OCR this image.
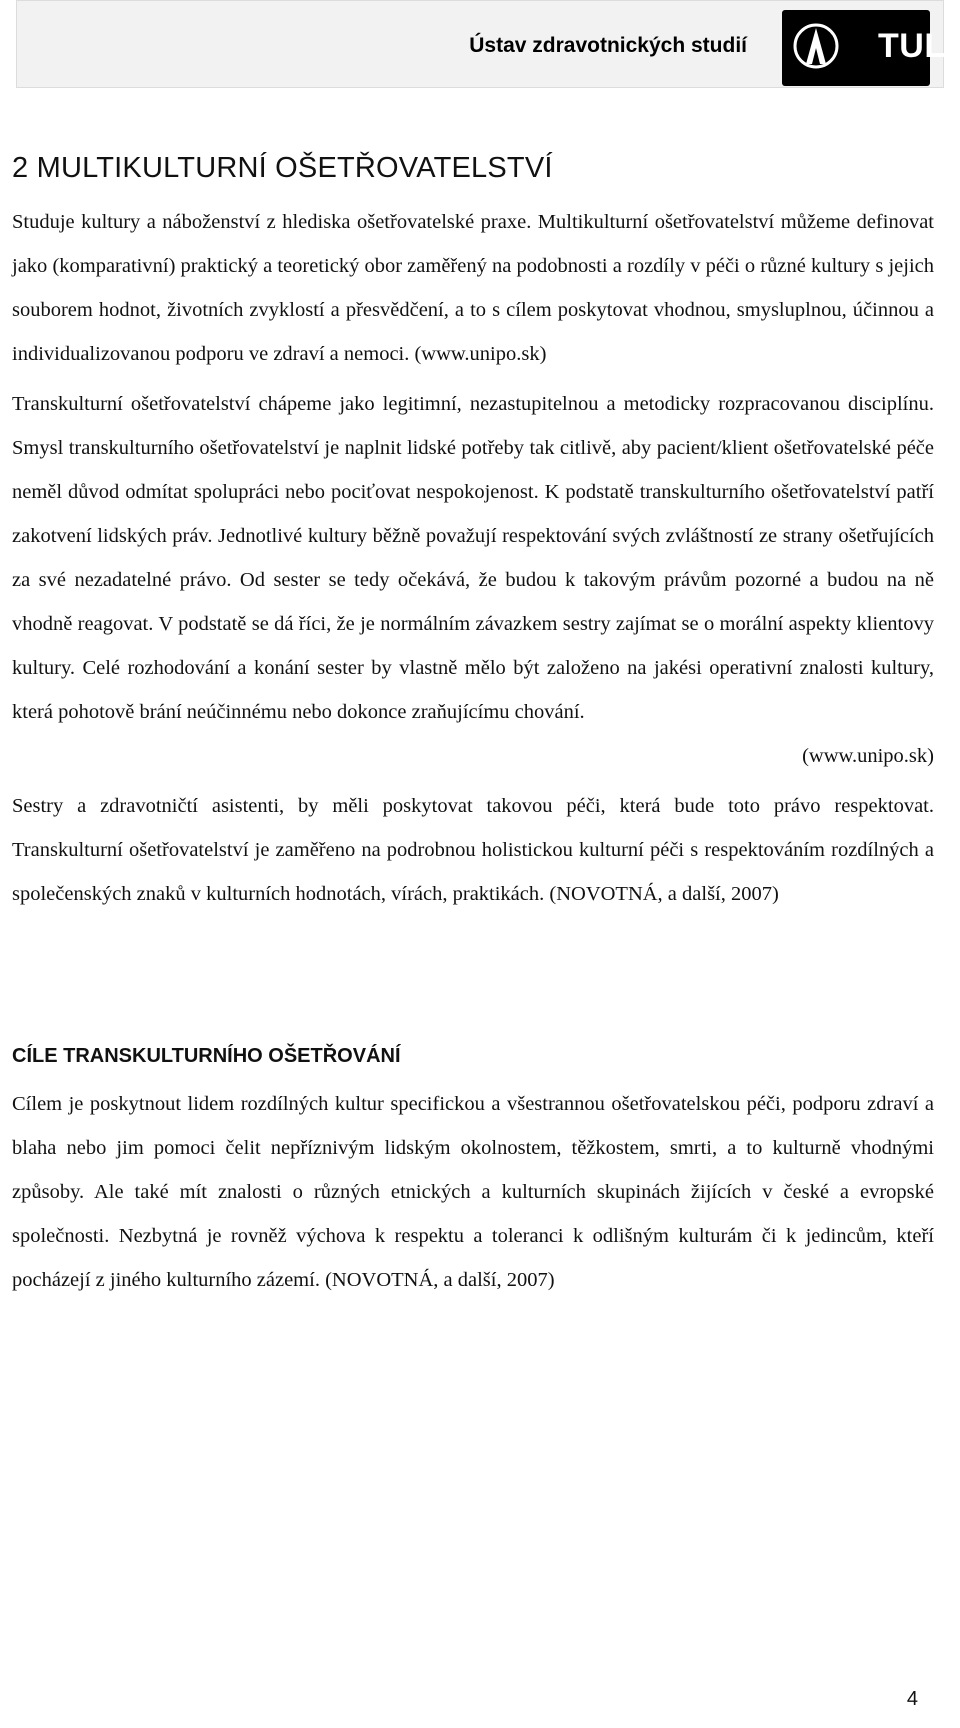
Ústav zdravotnických studií	TUL
2 MULTIKULTURNÍ OŠETŘOVATELSTVÍ

Studuje kultury a náboženství z hlediska ošetřovatelské praxe. Multikulturní ošetřovatelství můžeme definovat jako (komparativní) praktický a teoretický obor zaměřený na podobnosti a rozdíly v péči o různé kultury s jejich souborem hodnot, životních zvyklostí a přesvědčení, a to s cílem poskytovat vhodnou, smysluplnou, účinnou a individualizovanou podporu ve zdraví a nemoci. (www.unipo.sk)

Transkulturní ošetřovatelství chápeme jako legitimní, nezastupitelnou a metodicky rozpracovanou disciplínu. Smysl transkulturního ošetřovatelství je naplnit lidské potřeby tak citlivě, aby pacient/klient ošetřovatelské péče neměl důvod odmítat spolupráci nebo pociťovat nespokojenost. K podstatě transkulturního ošetřovatelství patří zakotvení lidských práv. Jednotlivé kultury běžně považují respektování svých zvláštností ze strany ošetřujících za své nezadatelné právo. Od sester se tedy očekává, že budou k takovým právům pozorné a budou na ně vhodně reagovat. V podstatě se dá říci, že je normálním závazkem sestry zajímat se o morální aspekty klientovy kultury. Celé rozhodování a konání sester by vlastně mělo být založeno na jakési operativní znalosti kultury, která pohotově brání neúčinnému nebo dokonce zraňujícímu chování.

(www.unipo.sk)

Sestry a zdravotničtí asistenti, by měli poskytovat takovou péči, která bude toto právo respektovat. Transkulturní ošetřovatelství je zaměřeno na podrobnou holistickou kulturní péči s respektováním rozdílných a společenských znaků v kulturních hodnotách, vírách, praktikách. (NOVOTNÁ, a další, 2007)

CÍLE TRANSKULTURNÍHO OŠETŘOVÁNÍ

Cílem je poskytnout lidem rozdílných kultur specifickou a všestrannou ošetřovatelskou péči, podporu zdraví a blaha nebo jim pomoci čelit nepříznivým lidským okolnostem, těžkostem, smrti, a to kulturně vhodnými způsoby. Ale také mít znalosti o různých etnických a kulturních skupinách žijících v české a evropské společnosti. Nezbytná je rovněž výchova k respektu a toleranci k odlišným kulturám či k jedincům, kteří pocházejí z jiného kulturního zázemí. (NOVOTNÁ, a další, 2007)

4
